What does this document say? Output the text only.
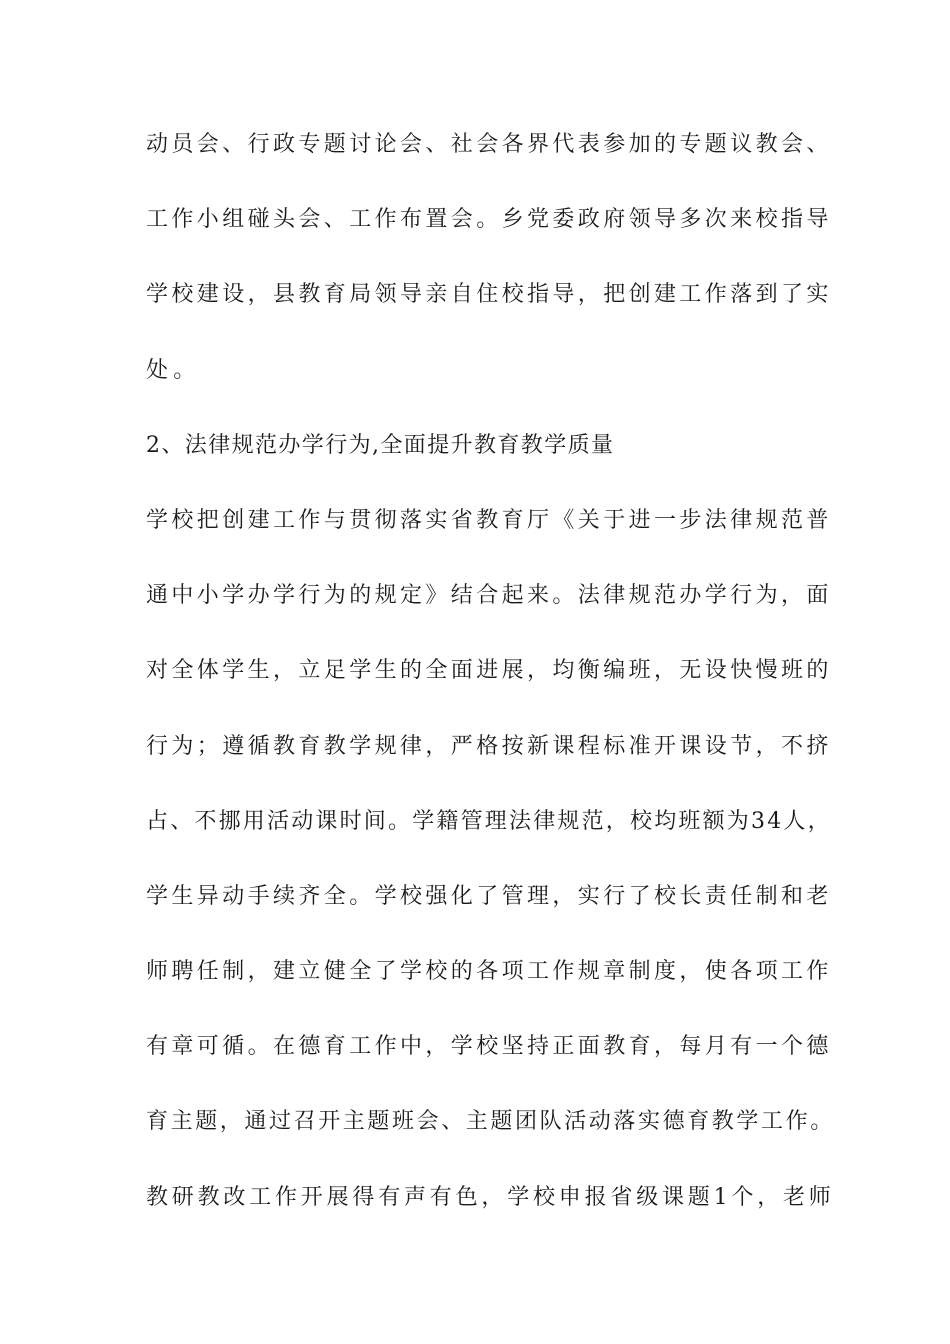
动员会、行政专题讨论会、社会各界代表参加的专题议教会、
工作小组碰头会、工作布置会。乡党委政府领导多次来校指导
学校建设，县教育局领导亲自住校指导，把创建工作落到了实
处。
2、法律规范办学行为,全面提升教育教学质量
学校把创建工作与贯彻落实省教育厅《关于进一步法律规范普
通中小学办学行为的规定》结合起来。法律规范办学行为，面
对全体学生，立足学生的全面进展，均衡编班，无设快慢班的
行为；遵循教育教学规律，严格按新课程标准开课设节，不挤
占、不挪用活动课时间。学籍管理法律规范，校均班额为34人，
学生异动手续齐全。学校强化了管理，实行了校长责任制和老
师聘任制，建立健全了学校的各项工作规章制度，使各项工作
有章可循。在德育工作中，学校坚持正面教育，每月有一个德
育主题，通过召开主题班会、主题团队活动落实德育教学工作。
教研教改工作开展得有声有色，学校申报省级课题1个，老师
